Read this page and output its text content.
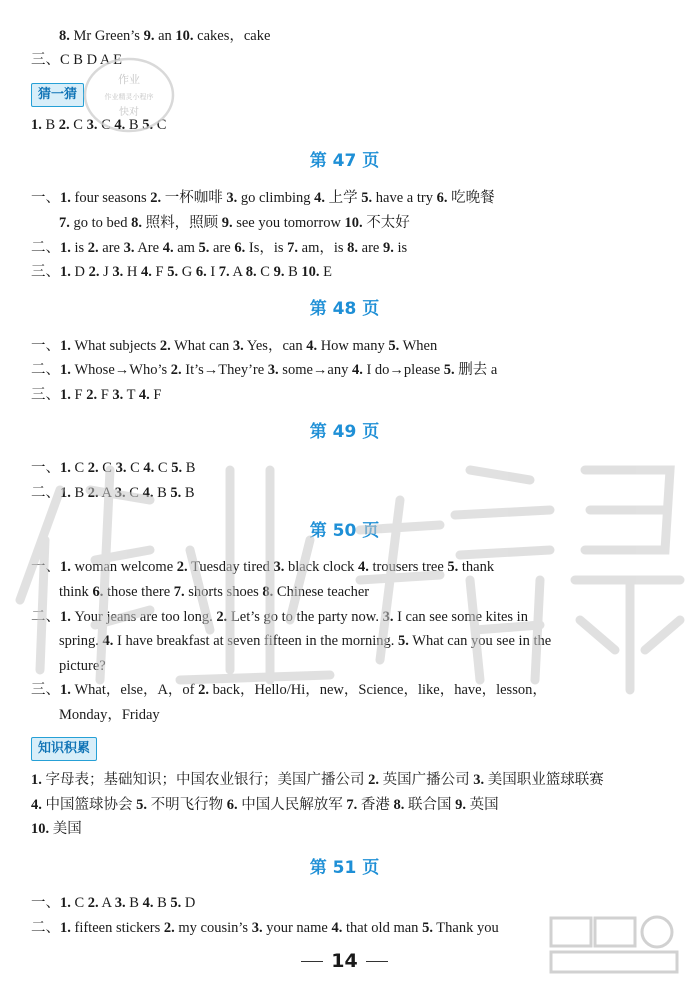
8. Mr Green’s 9. an 10. cakes，cake
三、C B D A E
1. B 2. C 3. C 4. B 5. C
一、1. four seasons 2. 一杯咖啡 3. go climbing 4. 上学 5. have a try 6. 吃晚餐
7. go to bed 8. 照料，照顾 9. see you tomorrow 10. 不太好
二、1. is 2. are 3. Are 4. am 5. are 6. Is，is 7. am，is 8. are 9. is
三、1. D 2. J 3. H 4. F 5. G 6. I 7. A 8. C 9. B 10. E
一、1. What subjects 2. What can 3. Yes，can 4. How many 5. When
二、1. Whose→Who’s 2. It’s→They’re 3. some→any 4. I do→please 5. 删去 a
三、1. F 2. F 3. T 4. F
一、1. C 2. C 3. C 4. C 5. B
二、1. B 2. A 3. C 4. B 5. B
一、1. woman welcome 2. Tuesday tired 3. black clock 4. trousers tree 5. thank
think 6. those there 7. shorts shoes 8. Chinese teacher
二、1. Your jeans are too long. 2. Let’s go to the party now. 3. I can see some kites in
spring. 4. I have breakfast at seven fifteen in the morning. 5. What can you see in the
picture?
三、1. What，else，A，of 2. back，Hello/Hi，new，Science，like，have，lesson，
Monday，Friday
1. 字母表；基础知识；中国农业银行；美国广播公司 2. 英国广播公司 3. 美国职业篮球联赛
4. 中国篮球协会 5. 不明飞行物 6. 中国人民解放军 7. 香港 8. 联合国 9. 英国
10. 美国
一、1. C 2. A 3. B 4. B 5. D
二、1. fifteen stickers 2. my cousin’s 3. your name 4. that old man 5. Thank you
第 47 页
第 48 页
第 49 页
第 50 页
第 51 页
猜一猜
知识积累
14
作业
作业精灵小程序
快对
